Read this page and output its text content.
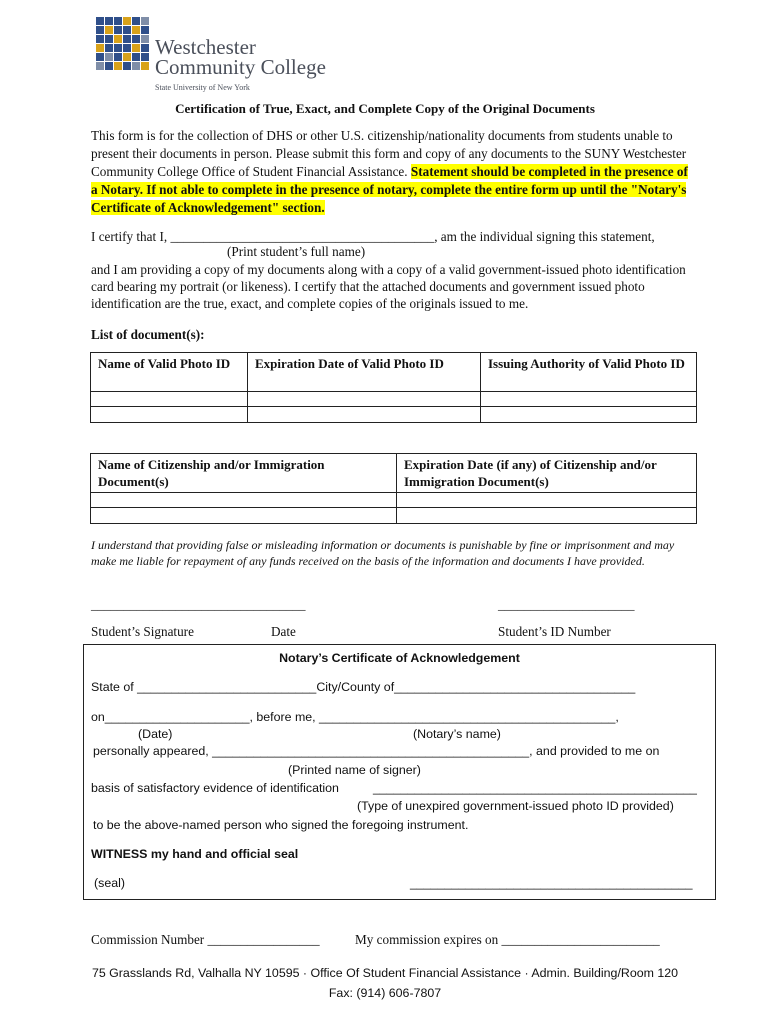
Westchester
Community College
State University of New York
Certification of True, Exact, and Complete Copy of the Original Documents
This form is for the collection of DHS or other U.S. citizenship/nationality documents from students unable to present their documents in person. Please submit this form and copy of any documents to the SUNY Westchester Community College Office of Student Financial Assistance. Statement should be completed in the presence of a Notary. If not able to complete in the presence of notary, complete the entire form up until the "Notary's Certificate of Acknowledgement" section.
I certify that I, ________________________________________, am the individual signing this statement,
(Print student’s full name)
and I am providing a copy of my documents along with a copy of a valid government-issued photo identification card bearing my portrait (or likeness). I certify that the attached documents and government issued photo identification are the true, exact, and complete copies of the originals issued to me.
List of document(s):
Name of Valid Photo ID	Expiration Date of Valid Photo ID	Issuing Authority of Valid Photo ID

Name of Citizenship and/or Immigration Document(s)	Expiration Date (if any) of Citizenship and/or Immigration Document(s)

I understand that providing false or misleading information or documents is punishable by fine or imprisonment and may make me liable for repayment of any funds received on the basis of the information and documents I have provided.
_________________________________	_____________________
Student’s Signature	Date	Student’s ID Number
Notary’s Certificate of Acknowledgement
State of __________________________City/County of___________________________________
on_____________________, before me, ___________________________________________,
(Date)	(Notary’s name)
personally appeared, ______________________________________________, and provided to me on
(Printed name of signer)
basis of satisfactory evidence of identification	_______________________________________________
(Type of unexpired government-issued photo ID provided)
to be the above-named person who signed the foregoing instrument.
WITNESS my hand and official seal
(seal)	_________________________________________
Commission Number _________________	My commission expires on ________________________
75 Grasslands Rd, Valhalla NY 10595 · Office Of Student Financial Assistance · Admin. Building/Room 120
Fax: (914) 606-7807
